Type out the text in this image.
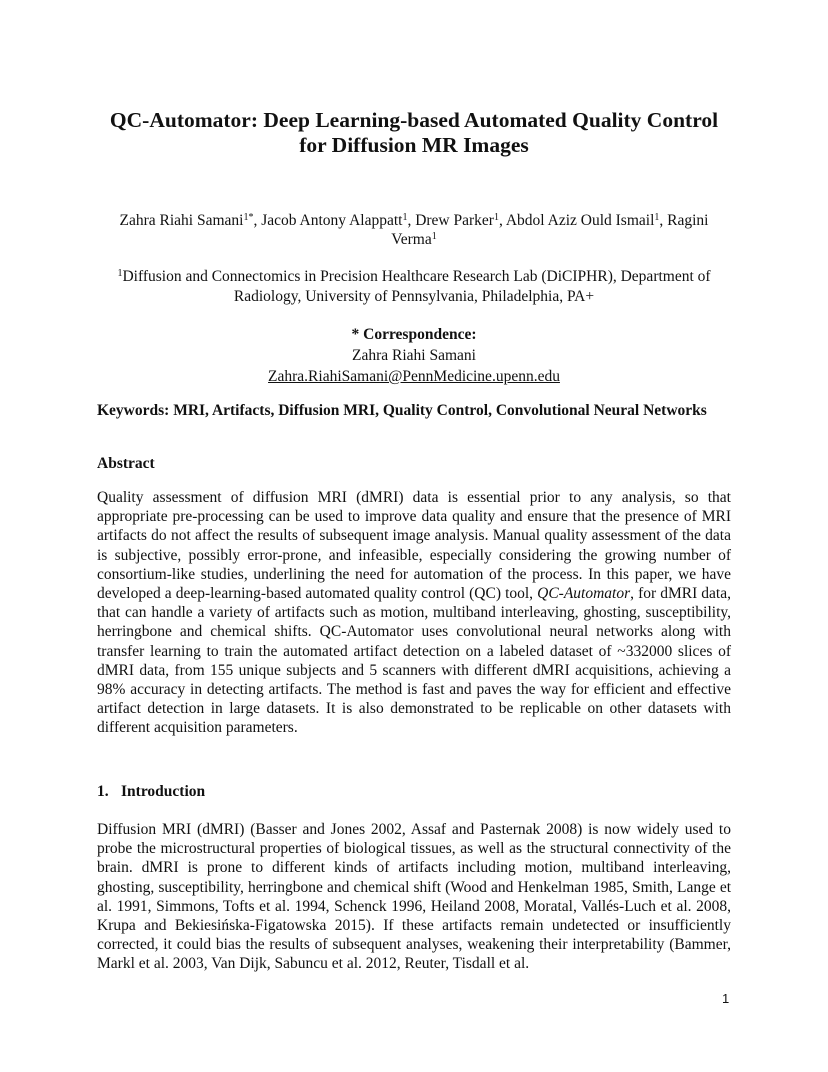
QC-Automator: Deep Learning-based Automated Quality Control
for Diffusion MR Images

Zahra Riahi Samani$^{1*}$, Jacob Antony Alappatt$^1$, Drew Parker$^1$, Abdol Aziz Ould Ismail$^1$, Ragini Verma$^1$

$^1$Diffusion and Connectomics in Precision Healthcare Research Lab (DiCIPHR), Department of Radiology, University of Pennsylvania, Philadelphia, PA+

* Correspondence:
Zahra Riahi Samani
Zahra.RiahiSamani@PennMedicine.upenn.edu

Keywords: MRI, Artifacts, Diffusion MRI, Quality Control, Convolutional Neural Networks

Abstract

Quality assessment of diffusion MRI (dMRI) data is essential prior to any analysis, so that appropriate pre-processing can be used to improve data quality and ensure that the presence of MRI artifacts do not affect the results of subsequent image analysis. Manual quality assessment of the data is subjective, possibly error-prone, and infeasible, especially considering the growing number of consortium-like studies, underlining the need for automation of the process. In this paper, we have developed a deep-learning-based automated quality control (QC) tool, QC-Automator, for dMRI data, that can handle a variety of artifacts such as motion, multiband interleaving, ghosting, susceptibility, herringbone and chemical shifts. QC-Automator uses convolutional neural networks along with transfer learning to train the automated artifact detection on a labeled dataset of ~332000 slices of dMRI data, from 155 unique subjects and 5 scanners with different dMRI acquisitions, achieving a 98% accuracy in detecting artifacts. The method is fast and paves the way for efficient and effective artifact detection in large datasets. It is also demonstrated to be replicable on other datasets with different acquisition parameters.

1. Introduction

Diffusion MRI (dMRI) (Basser and Jones 2002, Assaf and Pasternak 2008) is now widely used to probe the microstructural properties of biological tissues, as well as the structural connectivity of the brain. dMRI is prone to different kinds of artifacts including motion, multiband interleaving, ghosting, susceptibility, herringbone and chemical shift (Wood and Henkelman 1985, Smith, Lange et al. 1991, Simmons, Tofts et al. 1994, Schenck 1996, Heiland 2008, Moratal, Vallés-Luch et al. 2008, Krupa and Bekiesińska-Figatowska 2015). If these artifacts remain undetected or insufficiently corrected, it could bias the results of subsequent analyses, weakening their interpretability (Bammer, Markl et al. 2003, Van Dijk, Sabuncu et al. 2012, Reuter, Tisdall et al.

1
